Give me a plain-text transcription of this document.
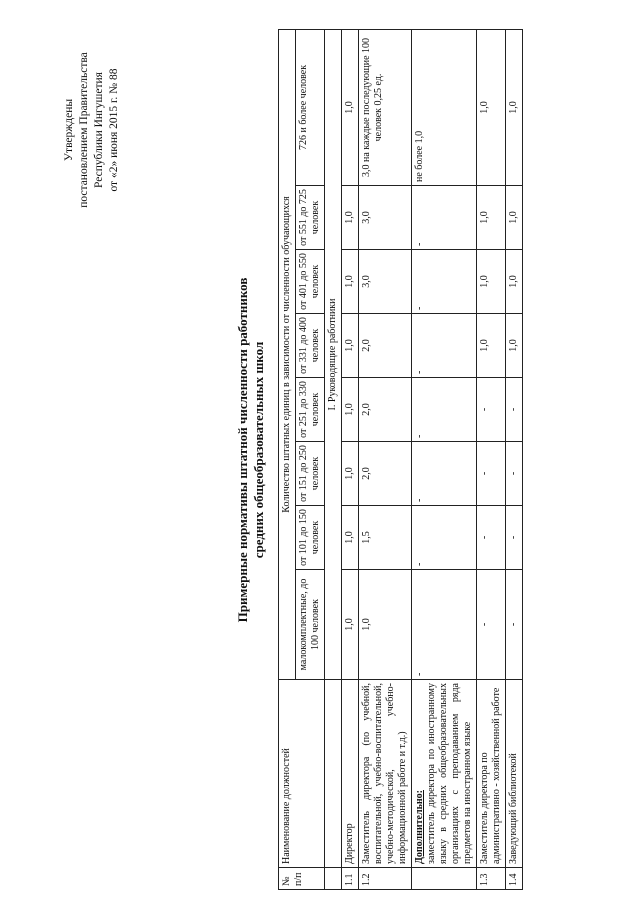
Утверждены постановлением Правительства Республики Ингушетия от «2» июня 2015 г. № 88
Примерные нормативы штатной численности работников средних общеобразовательных школ
№ п/п	Наименование должностей	Количество штатных единиц в зависимости от численности обучающихся							
		малокомплектные, до 100 человек	от 101 до 150 человек	от 151 до 250 человек	от 251 до 330 человек	от 331 до 400 человек	от 401 до 550 человек	от 551 до 725 человек	726 и более человек
		I. Руководящие работники							
1.1	Директор	1,0	1,0	1,0	1,0	1,0	1,0	1,0	1,0
1.2	Заместитель директора (по учебной, воспитательной, учебно-воспитательной, учебно-методической, учебно-информационной работе и т.д.)	1,0	1,5	2,0	2,0	2,0	3,0	3,0	3,0 на каждые последующие 100 человек 0,25 ед.
	Дополнительно:
заместитель директора по иностранному языку в средних общеобразовательных организациях с преподаванием ряда предметов на иностранном языке	-	-	-	-	-	-	-	не более 1,0
1.3	Заместитель директора по административно - хозяйственной работе	-	-	-	-	1,0	1,0	1,0	1,0
1.4	Заведующий библиотекой	-	-	-	-	1,0	1,0	1,0	1,0
